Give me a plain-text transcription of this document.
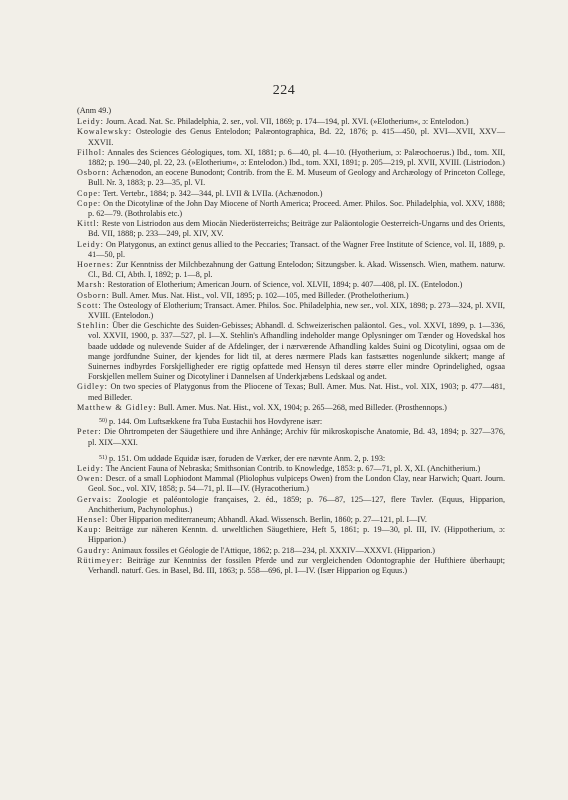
224
(Anm 49.)
Leidy: Journ. Acad. Nat. Sc. Philadelphia, 2. ser., vol. VII, 1869; p. 174—194, pl. XVI. (»Elotherium«, ɔ: Entelodon.)
Kowalewsky: Osteologie des Genus Entelodon; Palæontographica, Bd. 22, 1876; p. 415—450, pl. XVI—XVII, XXV—XXVII.
Filhol: Annales des Sciences Géologiques, tom. XI, 1881; p. 6—40, pl. 4—10. (Hyotherium, ɔ: Palæochoerus.) Ibd., tom. XII, 1882; p. 190—240, pl. 22, 23. (»Elotherium«, ɔ: Entelodon.) Ibd., tom. XXI, 1891; p. 205—219, pl. XVII, XVIII. (Listriodon.)
Osborn: Achænodon, an eocene Bunodont; Contrib. from the E. M. Museum of Geology and Archæology of Princeton College, Bull. Nr. 3, 1883; p. 23—35, pl. VI.
Cope: Tert. Vertebr., 1884; p. 342—344, pl. LVII & LVIIa. (Achænodon.)
Cope: On the Dicotylinæ of the John Day Miocene of North America; Proceed. Amer. Philos. Soc. Philadelphia, vol. XXV, 1888; p. 62—79. (Bothrolabis etc.)
Kittl: Reste von Listriodon aus dem Miocän Niederösterreichs; Beiträge zur Paläontologie Oesterreich-Ungarns und des Orients, Bd. VII, 1888; p. 233—249, pl. XIV, XV.
Leidy: On Platygonus, an extinct genus allied to the Peccaries; Transact. of the Wagner Free Institute of Science, vol. II, 1889, p. 41—50, pl.
Hoernes: Zur Kenntniss der Milchbezahnung der Gattung Entelodon; Sitzungsber. k. Akad. Wissensch. Wien, mathem. naturw. Cl., Bd. CI, Abth. I, 1892; p. 1—8, pl.
Marsh: Restoration of Elotherium; American Journ. of Science, vol. XLVII, 1894; p. 407—408, pl. IX. (Entelodon.)
Osborn: Bull. Amer. Mus. Nat. Hist., vol. VII, 1895; p. 102—105, med Billeder. (Prothelotherium.)
Scott: The Osteology of Elotherium; Transact. Amer. Philos. Soc. Philadelphia, new ser., vol. XIX, 1898; p. 273—324, pl. XVII, XVIII. (Entelodon.)
Stehlin: Über die Geschichte des Suiden-Gebisses; Abhandl. d. Schweizerischen paläontol. Ges., vol. XXVI, 1899, p. 1—336, vol. XXVII, 1900, p. 337—527, pl. I—X. Stehlin's Afhandling indeholder mange Oplysninger om Tænder og Hovedskal hos baade uddøde og nulevende Suider af de Afdelinger, der i nærværende Afhandling kaldes Suini og Dicotylini, ogsaa om de mange jordfundne Suiner, der kjendes for lidt til, at deres nærmere Plads kan fastsættes nogenlunde sikkert; mange af Suinernes indbyrdes Forskjelligheder ere rigtig opfattede med Hensyn til deres større eller mindre Oprindelighed, ogsaa Forskjellen mellem Suiner og Dicotyliner i Dannelsen af Underkjæbens Ledskaal og andet.
Gidley: On two species of Platygonus from the Pliocene of Texas; Bull. Amer. Mus. Nat. Hist., vol. XIX, 1903; p. 477—481, med Billeder.
Matthew & Gidley: Bull. Amer. Mus. Nat. Hist., vol. XX, 1904; p. 265—268, med Billeder. (Prosthennops.)
$^{50)}$ p. 144. Om Luftsækkene fra Tuba Eustachii hos Hovdyrene især:
Peter: Die Ohrtrompeten der Säugethiere und ihre Anhänge; Archiv für mikroskopische Anatomie, Bd. 43, 1894; p. 327—376, pl. XIX—XXI.
$^{51)}$ p. 151. Om uddøde Equidæ især, foruden de Værker, der ere nævnte Anm. 2, p. 193:
Leidy: The Ancient Fauna of Nebraska; Smithsonian Contrib. to Knowledge, 1853: p. 67—71, pl. X, XI. (Anchitherium.)
Owen: Descr. of a small Lophiodont Mammal (Pliolophus vulpiceps Owen) from the London Clay, near Harwich; Quart. Journ. Geol. Soc., vol. XIV, 1858; p. 54—71, pl. II—IV. (Hyracotherium.)
Gervais: Zoologie et paléontologie françaises, 2. éd., 1859; p. 76—87, 125—127, flere Tavler. (Equus, Hipparion, Anchitherium, Pachynolophus.)
Hensel: Über Hipparion mediterraneum; Abhandl. Akad. Wissensch. Berlin, 1860; p. 27—121, pl. I—IV.
Kaup: Beiträge zur näheren Kenntn. d. urweltlichen Säugethiere, Heft 5, 1861; p. 19—30, pl. III, IV. (Hippotherium, ɔ: Hipparion.)
Gaudry: Animaux fossiles et Géologie de l'Attique, 1862; p. 218—234, pl. XXXIV—XXXVI. (Hipparion.)
Rütimeyer: Beiträge zur Kenntniss der fossilen Pferde und zur vergleichenden Odontographie der Hufthiere überhaupt; Verhandl. naturf. Ges. in Basel, Bd. III, 1863; p. 558—696, pl. I—IV. (Især Hipparion og Equus.)
